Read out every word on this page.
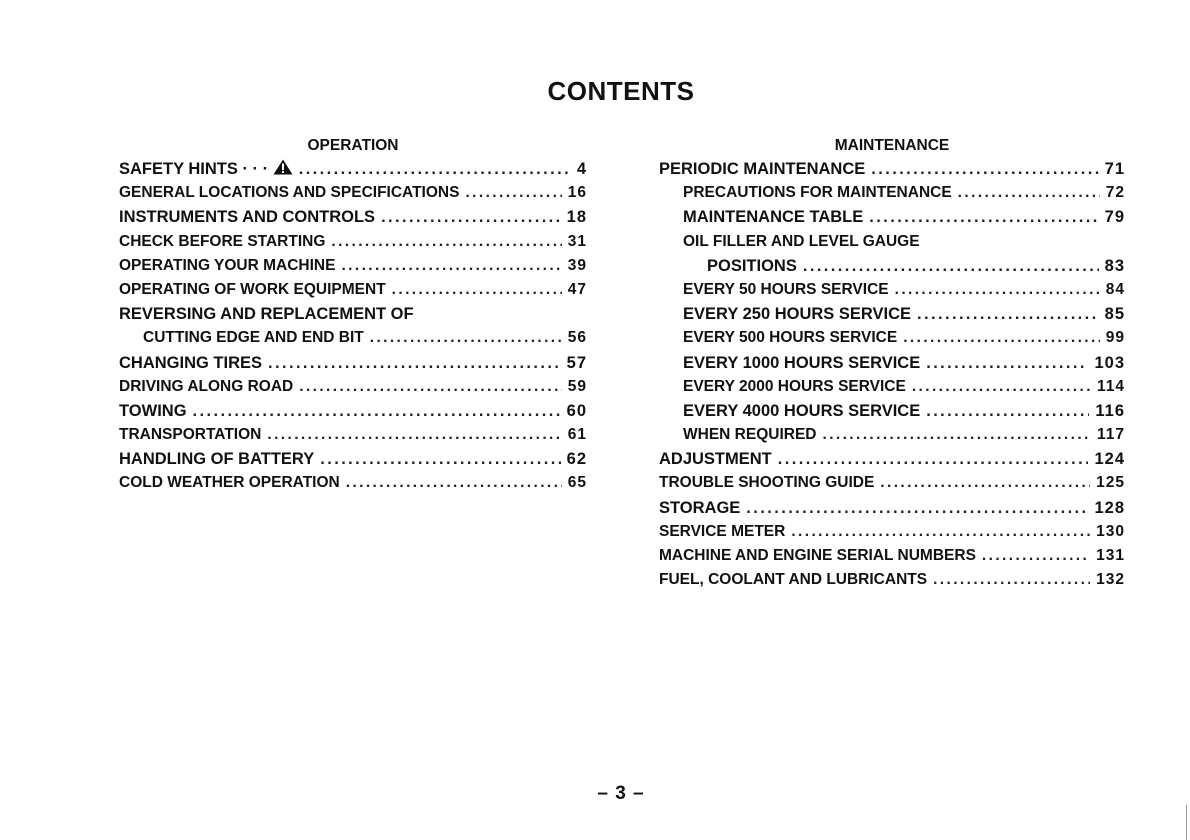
CONTENTS
OPERATION
SAFETY HINTS · · · .....	4
GENERAL LOCATIONS AND SPECIFICATIONS .....	16
INSTRUMENTS AND CONTROLS .....	18
CHECK BEFORE STARTING .....	31
OPERATING YOUR MACHINE .....	39
OPERATING OF WORK EQUIPMENT .....	47
REVERSING AND REPLACEMENT OF
CUTTING EDGE AND END BIT .....	56
CHANGING TIRES .....	57
DRIVING ALONG ROAD .....	59
TOWING .....	60
TRANSPORTATION .....	61
HANDLING OF BATTERY .....	62
COLD WEATHER OPERATION .....	65
MAINTENANCE
PERIODIC MAINTENANCE .....	71
PRECAUTIONS FOR MAINTENANCE .....	72
MAINTENANCE TABLE .....	79
OIL FILLER AND LEVEL GAUGE
POSITIONS .....	83
EVERY 50 HOURS SERVICE .....	84
EVERY 250 HOURS SERVICE .....	85
EVERY 500 HOURS SERVICE .....	99
EVERY 1000 HOURS SERVICE .....	103
EVERY 2000 HOURS SERVICE .....	114
EVERY 4000 HOURS SERVICE .....	116
WHEN REQUIRED .....	117
ADJUSTMENT .....	124
TROUBLE SHOOTING GUIDE .....	125
STORAGE .....	128
SERVICE METER .....	130
MACHINE AND ENGINE SERIAL NUMBERS .....	131
FUEL, COOLANT AND LUBRICANTS .....	132
– 3 –
